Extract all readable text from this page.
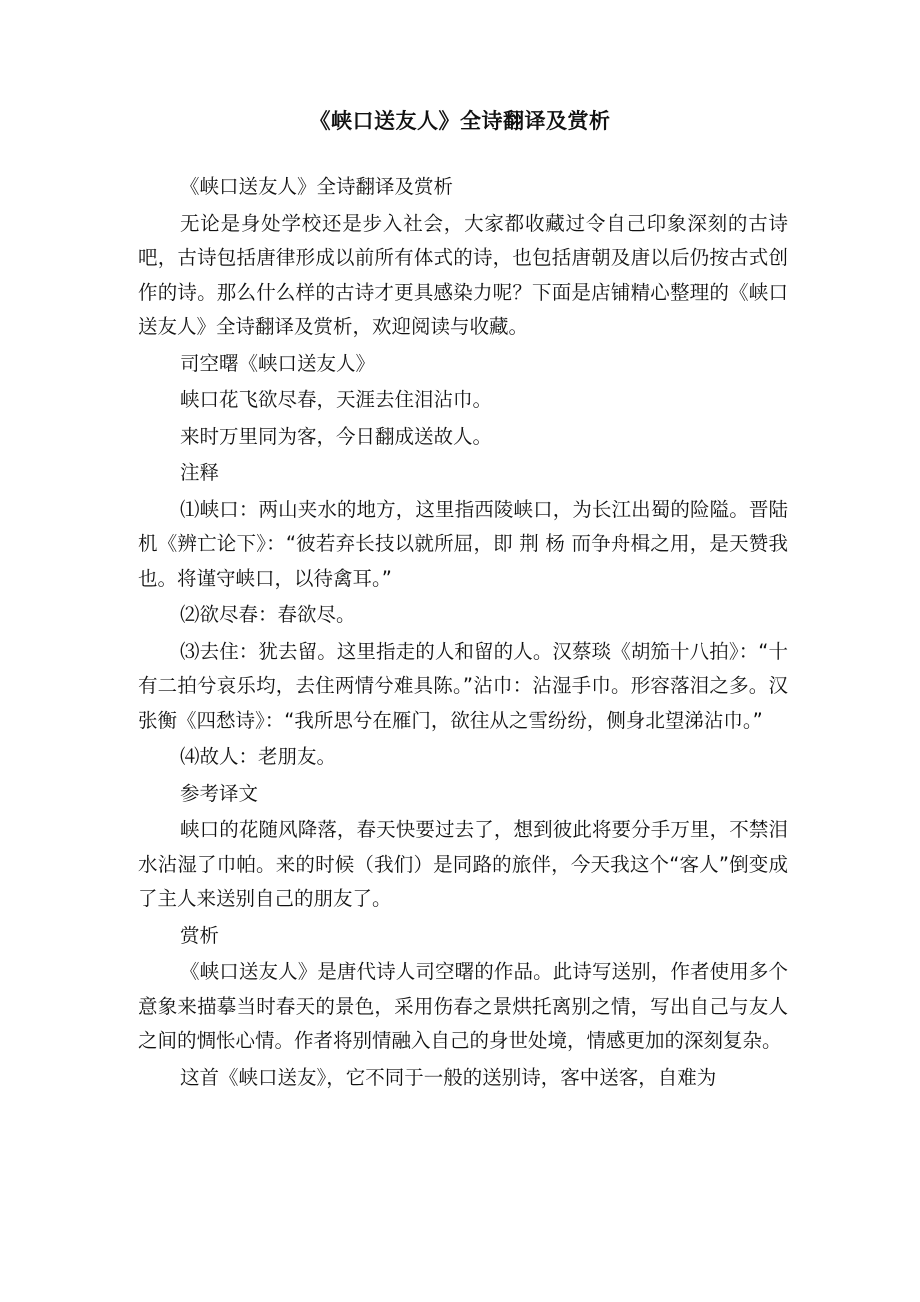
《峡口送友人》全诗翻译及赏析

《峡口送友人》全诗翻译及赏析

无论是身处学校还是步入社会，大家都收藏过令自己印象深刻的古诗吧，古诗包括唐律形成以前所有体式的诗，也包括唐朝及唐以后仍按古式创作的诗。那么什么样的古诗才更具感染力呢？下面是店铺精心整理的《峡口送友人》全诗翻译及赏析，欢迎阅读与收藏。

司空曙《峡口送友人》

峡口花飞欲尽春，天涯去住泪沾巾。

来时万里同为客，今日翻成送故人。

注释

⑴峡口：两山夹水的地方，这里指西陵峡口，为长江出蜀的险隘。晋陆机《辨亡论下》：“彼若弃长技以就所屈，即 荆 杨 而争舟楫之用，是天赞我也。将谨守峡口，以待禽耳。”

⑵欲尽春：春欲尽。

⑶去住：犹去留。这里指走的人和留的人。汉蔡琰《胡笳十八拍》：“十有二拍兮哀乐均，去住两情兮难具陈。”沾巾：沾湿手巾。形容落泪之多。汉张衡《四愁诗》：“我所思兮在雁门，欲往从之雪纷纷，侧身北望涕沾巾。”

⑷故人：老朋友。

参考译文

峡口的花随风降落，春天快要过去了，想到彼此将要分手万里，不禁泪水沾湿了巾帕。来的时候（我们）是同路的旅伴，今天我这个“客人”倒变成了主人来送别自己的朋友了。

赏析

《峡口送友人》是唐代诗人司空曙的作品。此诗写送别，作者使用多个意象来描摹当时春天的景色，采用伤春之景烘托离别之情，写出自己与友人之间的惆怅心情。作者将别情融入自己的身世处境，情感更加的深刻复杂。

这首《峡口送友》，它不同于一般的送别诗，客中送客，自难为
